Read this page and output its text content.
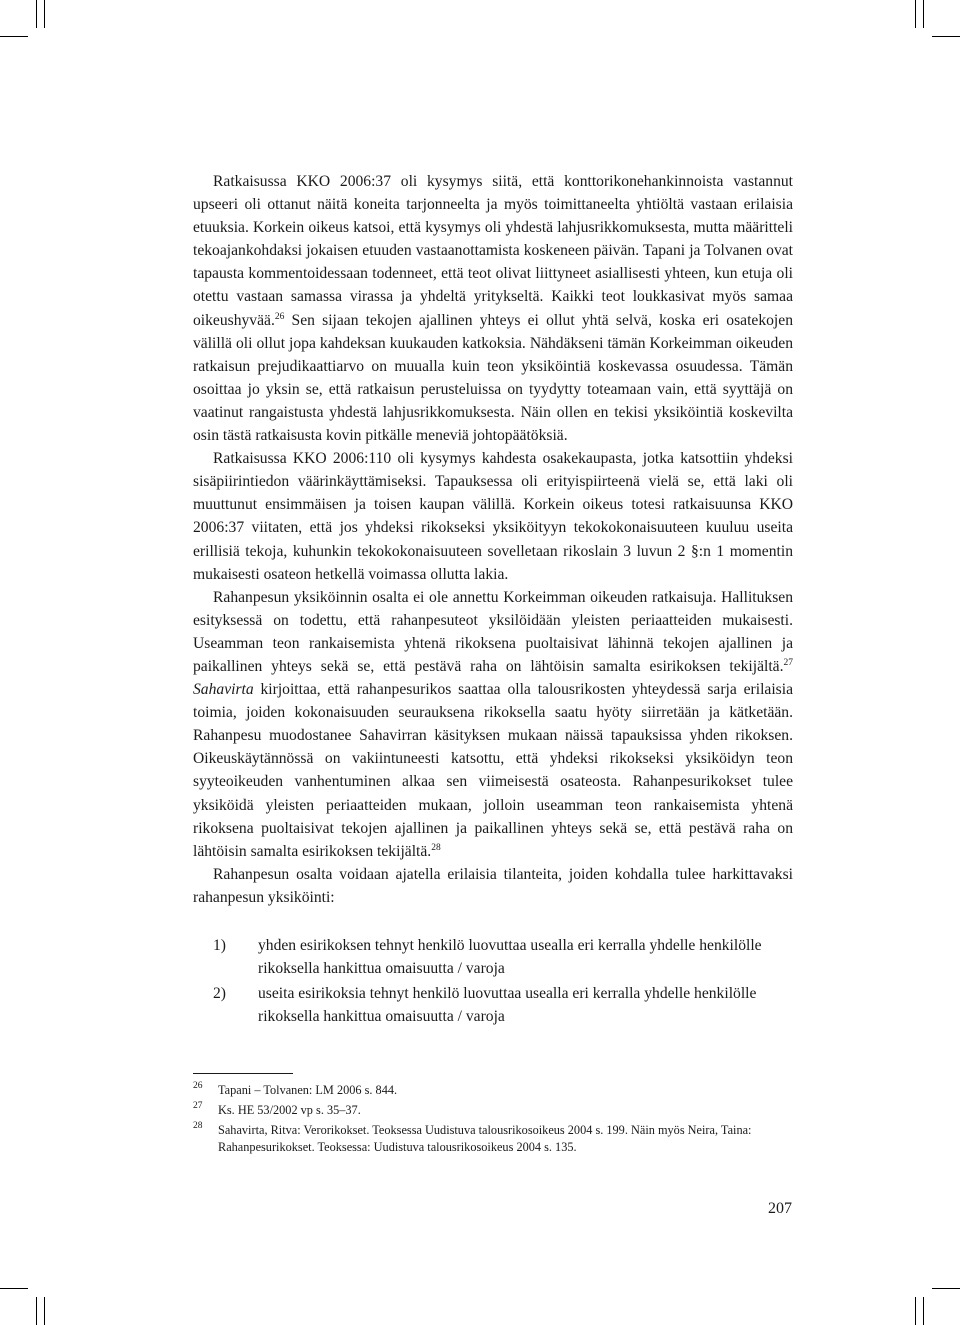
Ratkaisussa KKO 2006:37 oli kysymys siitä, että konttorikonehankinnoista vastannut upseeri oli ottanut näitä koneita tarjonneelta ja myös toimittaneelta yhtiöltä vastaan erilaisia etuuksia. Korkein oikeus katsoi, että kysymys oli yhdestä lahjusrikkomuksesta, mutta määritteli tekoajankohdaksi jokaisen etuuden vastaanottamista koskeneen päivän. Tapani ja Tolvanen ovat tapausta kommentoidessaan todenneet, että teot olivat liittyneet asiallisesti yhteen, kun etuja oli otettu vastaan samassa virassa ja yhdeltä yritykseltä. Kaikki teot loukkasivat myös samaa oikeushyvää.$^{26}$ Sen sijaan tekojen ajallinen yhteys ei ollut yhtä selvä, koska eri osatekojen välillä oli ollut jopa kahdeksan kuukauden katkoksia. Nähdäkseni tämän Korkeimman oikeuden ratkaisun prejudikaattiarvo on muualla kuin teon yksiköintiä koskevassa osuudessa. Tämän osoittaa jo yksin se, että ratkaisun perusteluissa on tyydytty toteamaan vain, että syyttäjä on vaatinut rangaistusta yhdestä lahjusrikkomuksesta. Näin ollen en tekisi yksiköintiä koskevilta osin tästä ratkaisusta kovin pitkälle meneviä johtopäätöksiä.

Ratkaisussa KKO 2006:110 oli kysymys kahdesta osakekaupasta, jotka katsottiin yhdeksi sisäpiirintiedon väärinkäyttämiseksi. Tapauksessa oli erityispiirteenä vielä se, että laki oli muuttunut ensimmäisen ja toisen kaupan välillä. Korkein oikeus totesi ratkaisuunsa KKO 2006:37 viitaten, että jos yhdeksi rikokseksi yksiköityyn tekokokonaisuuteen kuuluu useita erillisiä tekoja, kuhunkin tekokokonaisuuteen sovelletaan rikoslain 3 luvun 2 §:n 1 momentin mukaisesti osateon hetkellä voimassa ollutta lakia.

Rahanpesun yksiköinnin osalta ei ole annettu Korkeimman oikeuden ratkaisuja. Hallituksen esityksessä on todettu, että rahanpesuteot yksilöidään yleisten periaatteiden mukaisesti. Useamman teon rankaisemista yhtenä rikoksena puoltaisivat lähinnä tekojen ajallinen ja paikallinen yhteys sekä se, että pestävä raha on lähtöisin samalta esirikoksen tekijältä.$^{27}$ Sahavirta kirjoittaa, että rahanpesurikos saattaa olla talousrikosten yhteydessä sarja erilaisia toimia, joiden kokonaisuuden seurauksena rikoksella saatu hyöty siirretään ja kätketään. Rahanpesu muodostanee Sahavirran käsityksen mukaan näissä tapauksissa yhden rikoksen. Oikeuskäytännössä on vakiintuneesti katsottu, että yhdeksi rikokseksi yksiköidyn teon syyteoikeuden vanhentuminen alkaa sen viimeisestä osateosta. Rahanpesurikokset tulee yksiköidä yleisten periaatteiden mukaan, jolloin useamman teon rankaisemista yhtenä rikoksena puoltaisivat tekojen ajallinen ja paikallinen yhteys sekä se, että pestävä raha on lähtöisin samalta esirikoksen tekijältä.$^{28}$

Rahanpesun osalta voidaan ajatella erilaisia tilanteita, joiden kohdalla tulee harkittavaksi rahanpesun yksiköinti:

1) yhden esirikoksen tehnyt henkilö luovuttaa usealla eri kerralla yhdelle henkilölle rikoksella hankittua omaisuutta / varoja
2) useita esirikoksia tehnyt henkilö luovuttaa usealla eri kerralla yhdelle henkilölle rikoksella hankittua omaisuutta / varoja
26 Tapani – Tolvanen: LM 2006 s. 844.
27 Ks. HE 53/2002 vp s. 35–37.
28 Sahavirta, Ritva: Verorikokset. Teoksessa Uudistuva talousrikosoikeus 2004 s. 199. Näin myös Neira, Taina: Rahanpesurikokset. Teoksessa: Uudistuva talousrikosoikeus 2004 s. 135.
207
